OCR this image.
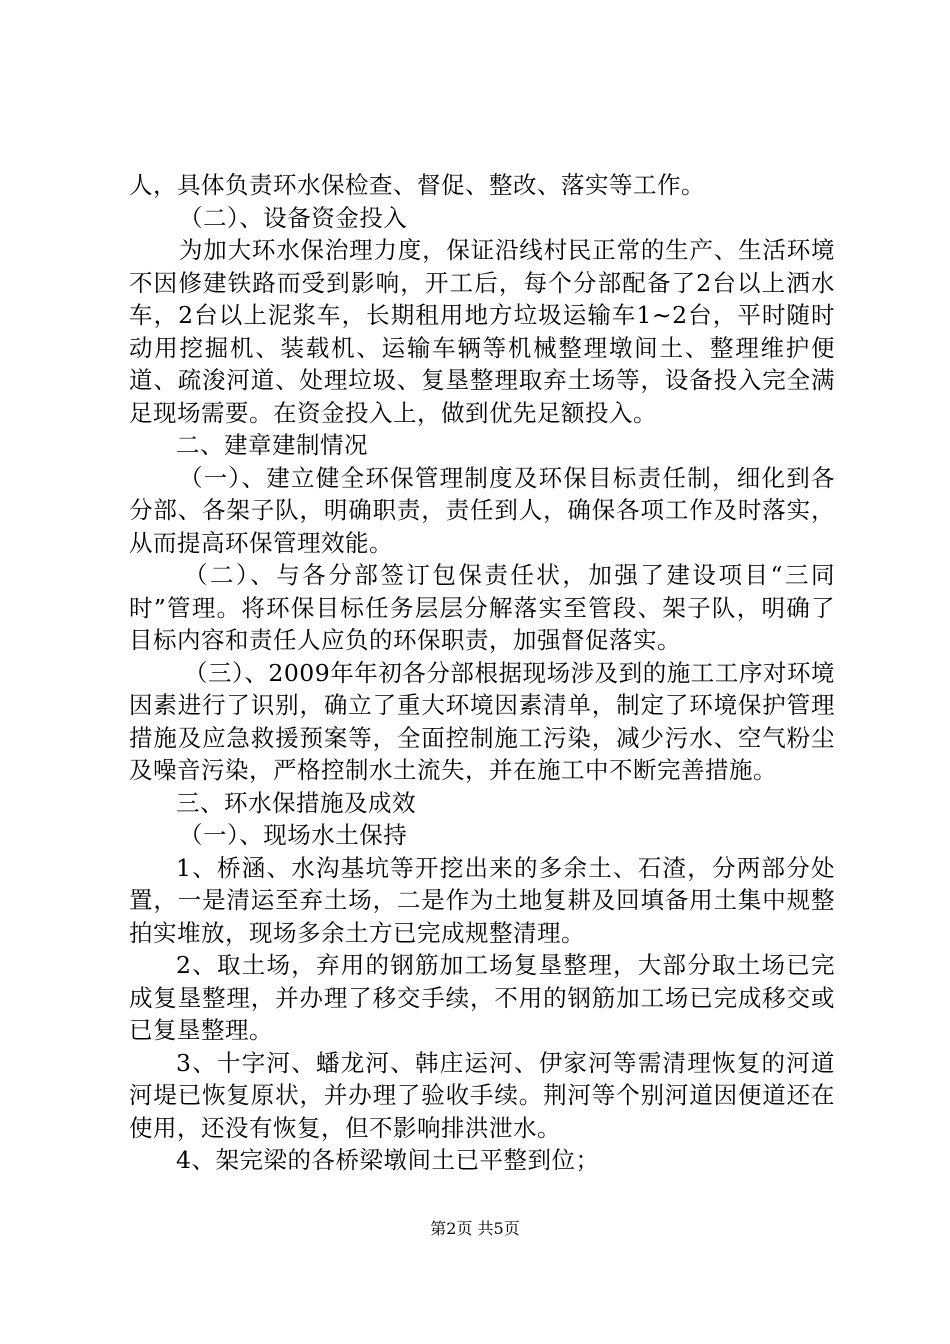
人，具体负责环水保检查、督促、整改、落实等工作。

（二）、设备资金投入

为加大环水保治理力度，保证沿线村民正常的生产、生活环境不因修建铁路而受到影响，开工后，每个分部配备了2台以上洒水车，2台以上泥浆车，长期租用地方垃圾运输车1~2台，平时随时动用挖掘机、装载机、运输车辆等机械整理墩间土、整理维护便道、疏浚河道、处理垃圾、复垦整理取弃土场等，设备投入完全满足现场需要。在资金投入上，做到优先足额投入。

二、建章建制情况

（一）、建立健全环保管理制度及环保目标责任制，细化到各分部、各架子队，明确职责，责任到人，确保各项工作及时落实，从而提高环保管理效能。

（二）、与各分部签订包保责任状，加强了建设项目“三同时”管理。将环保目标任务层层分解落实至管段、架子队，明确了目标内容和责任人应负的环保职责，加强督促落实。

（三）、2009年年初各分部根据现场涉及到的施工工序对环境因素进行了识别，确立了重大环境因素清单，制定了环境保护管理措施及应急救援预案等，全面控制施工污染，减少污水、空气粉尘及噪音污染，严格控制水土流失，并在施工中不断完善措施。

三、环水保措施及成效

（一）、现场水土保持

1、桥涵、水沟基坑等开挖出来的多余土、石渣，分两部分处置，一是清运至弃土场，二是作为土地复耕及回填备用土集中规整拍实堆放，现场多余土方已完成规整清理。

2、取土场，弃用的钢筋加工场复垦整理，大部分取土场已完成复垦整理，并办理了移交手续，不用的钢筋加工场已完成移交或已复垦整理。

3、十字河、蟠龙河、韩庄运河、伊家河等需清理恢复的河道河堤已恢复原状，并办理了验收手续。荆河等个别河道因便道还在使用，还没有恢复，但不影响排洪泄水。

4、架完梁的各桥梁墩间土已平整到位；

第2页 共5页
